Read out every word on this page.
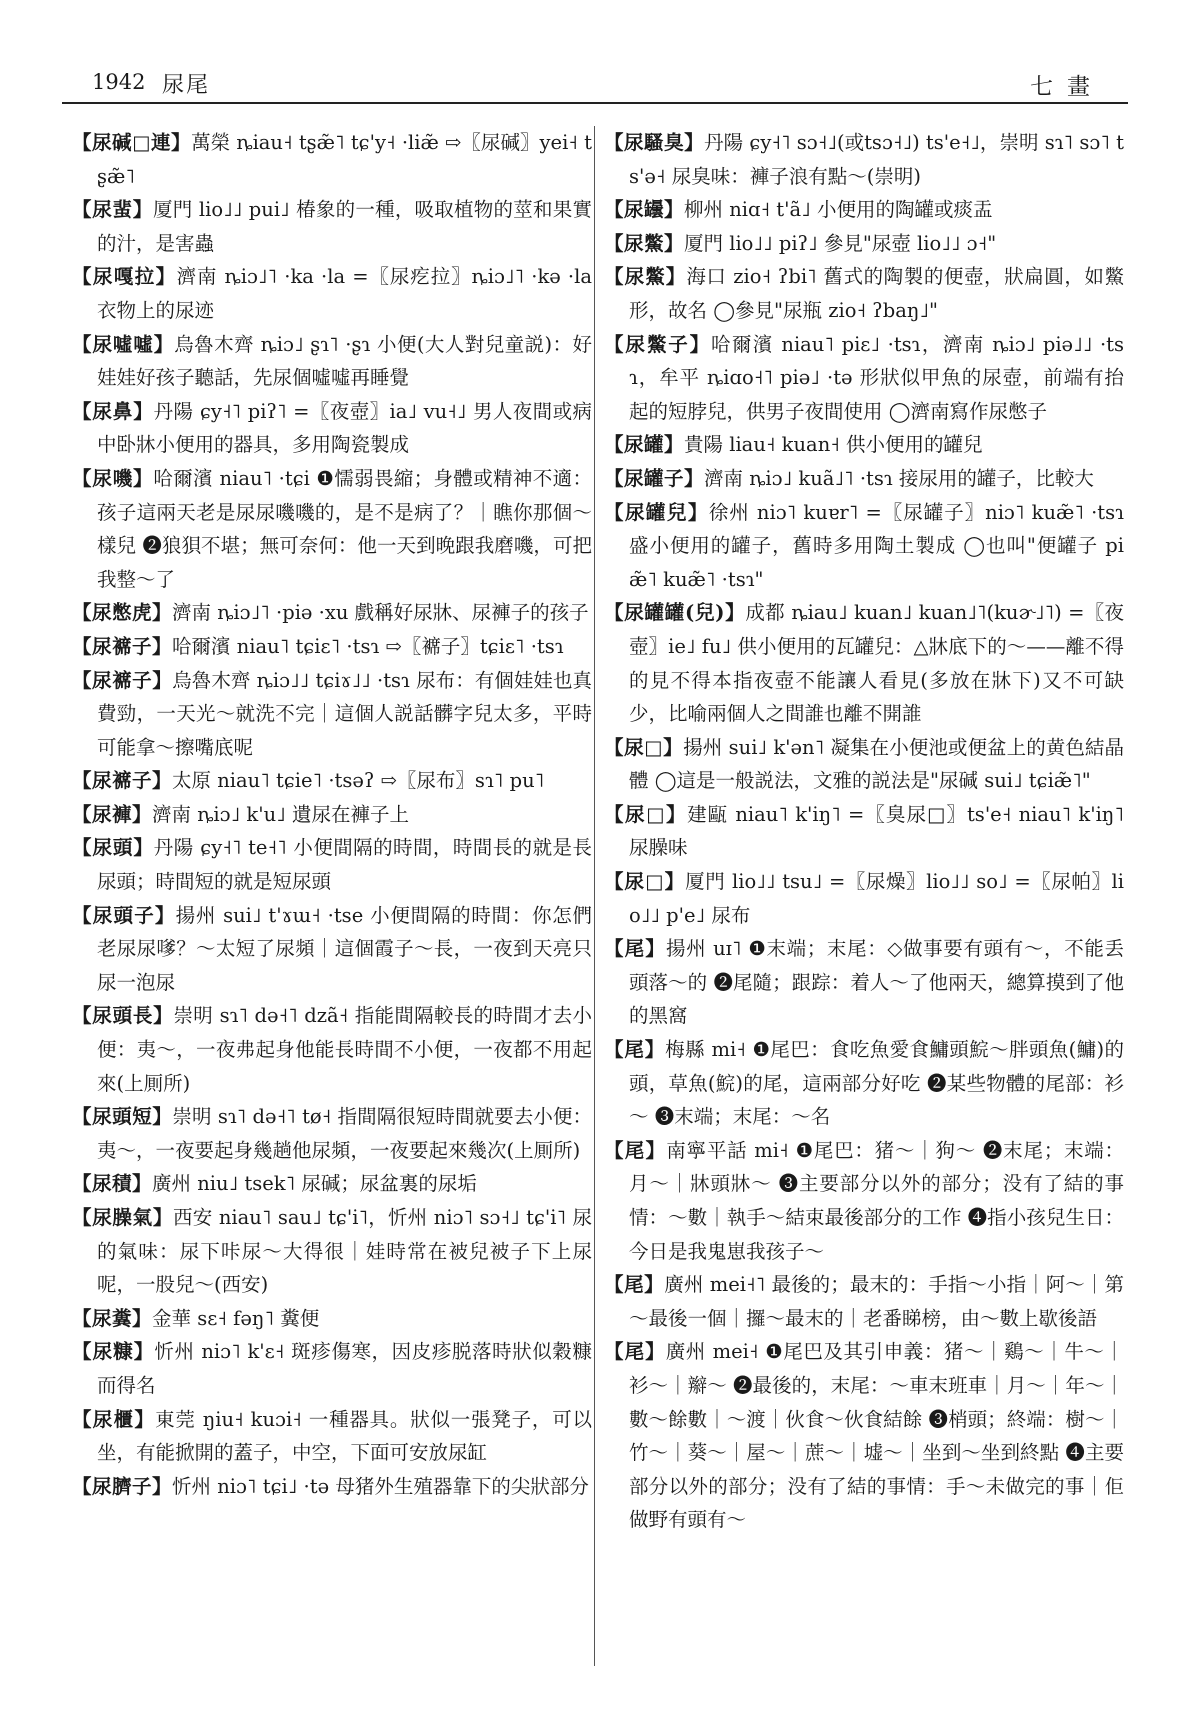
1942 尿尾	七畫

【尿碱□連】萬榮 ȵiau˧ tʂæ̃˥ tɕ'y˧ ·liæ̃ ⇨〖尿碱〗yei˧ tʂæ̃˥

【尿蜚】厦門 lio˩˩ pui˩ 椿象的一種，吸取植物的莖和果實的汁，是害蟲

【尿嘎拉】濟南 ȵiɔ˩˥ ·ka ·la =〖尿疙拉〗ȵiɔ˩˥ ·kə ·la 衣物上的尿迹

【尿噓噓】烏魯木齊 ȵiɔ˩ ʂɿ˥ ·ʂɿ 小便(大人對兒童説)：好娃娃好孩子聽話，先尿個噓噓再睡覺

【尿鼻】丹陽 ɕy˧˥ piʔ˥ =〖夜壺〗ia˩ vu˧˩ 男人夜間或病中卧牀小便用的器具，多用陶瓷製成

【尿嘰】哈爾濱 niau˥ ·tɕi ❶懦弱畏縮；身體或精神不適：孩子這兩天老是尿尿嘰嘰的，是不是病了？｜瞧你那個～樣兒 ❷狼狽不堪；無可奈何：他一天到晚跟我磨嘰，可把我整～了

【尿憋虎】濟南 ȵiɔ˩˥ ·piə ·xu 戲稱好尿牀、尿褲子的孩子

【尿褯子】哈爾濱 niau˥ tɕiɛ˥ ·tsɿ ⇨〖褯子〗tɕiɛ˥ ·tsɿ

【尿褯子】烏魯木齊 ȵiɔ˩˩ tɕiɤ˩˩ ·tsɿ 尿布：有個娃娃也真費勁，一天光～就洗不完｜這個人説話髒字兒太多，平時可能拿～擦嘴底呢

【尿褯子】太原 niau˥ tɕie˥ ·tsəʔ ⇨〖尿布〗sɿ˥ pu˥

【尿褲】濟南 ȵiɔ˩ k'u˩ 遺尿在褲子上

【尿頭】丹陽 ɕy˧˥ te˧˥ 小便間隔的時間，時間長的就是長尿頭；時間短的就是短尿頭

【尿頭子】揚州 sui˩ t'ɤɯ˧ ·tse 小便間隔的時間：你怎們老尿尿嗲？～太短了尿頻｜這個霞子～長，一夜到天亮只尿一泡尿

【尿頭長】崇明 sɿ˥ də˧˥ dzã˧ 指能間隔較長的時間才去小便：夷～，一夜弗起身他能長時間不小便，一夜都不用起來(上厠所)

【尿頭短】崇明 sɿ˥ də˧˥ tø˧ 指間隔很短時間就要去小便：夷～，一夜要起身幾趟他尿頻，一夜要起來幾次(上厠所)

【尿積】廣州 niu˩ tsek˥ 尿碱；尿盆裏的尿垢

【尿臊氣】西安 niau˥ sau˩ tɕ'i˥，忻州 niɔ˥ sɔ˧˩ tɕ'i˥ 尿的氣味：尿下咔尿～大得很｜娃時常在被兒被子下上尿呢，一股兒～(西安)

【尿糞】金華 sɛ˧ fəŋ˥ 糞便

【尿糠】忻州 niɔ˥ k'ɛ˧ 斑疹傷寒，因皮疹脱落時狀似穀糠而得名

【尿櫃】東莞 ŋiu˧ kuɔi˧ 一種器具。狀似一張凳子，可以坐，有能掀開的蓋子，中空，下面可安放尿缸

【尿臍子】忻州 niɔ˥ tɕi˩ ·tə 母猪外生殖器靠下的尖狀部分

【尿騷臭】丹陽 ɕy˧˥ sɔ˧˩(或tsɔ˧˩) ts'e˧˩，崇明 sɿ˥ sɔ˥ ts'ə˧ 尿臭味：褲子浪有點～(崇明)

【尿罎】柳州 niɑ˧ t'ã˩ 小便用的陶罐或痰盂

【尿鱉】厦門 lio˩˩ piʔ˩ 參見"尿壺 lio˩˩ ɔ˧"

【尿鱉】海口 zio˧ ʔbi˥ 舊式的陶製的便壺，狀扁圓，如鱉形，故名 ◯參見"尿瓶 zio˧ ʔbaŋ˩"

【尿鱉子】哈爾濱 niau˥ piɛ˩ ·tsɿ，濟南 ȵiɔ˩ piə˩˩ ·tsɿ，牟平 ȵiɑo˧˥ piə˩ ·tə 形狀似甲魚的尿壺，前端有抬起的短脖兒，供男子夜間使用 ◯濟南寫作尿憋子

【尿罐】貴陽 liau˧ kuan˧ 供小便用的罐兒

【尿罐子】濟南 ȵiɔ˩ kuã˩˥ ·tsɿ 接尿用的罐子，比較大

【尿罐兒】徐州 niɔ˥ kuɐr˥ =〖尿罐子〗niɔ˥ kuæ̃˥ ·tsɿ 盛小便用的罐子，舊時多用陶土製成 ◯也叫"便罐子 piæ̃˥ kuæ̃˥ ·tsɿ"

【尿罐罐(兒)】成都 ȵiau˩ kuan˩ kuan˩˥(kuɚ˩˥) =〖夜壺〗ie˩ fu˩ 供小便用的瓦罐兒：△牀底下的～——離不得的見不得本指夜壺不能讓人看見(多放在牀下)又不可缺少，比喻兩個人之間誰也離不開誰

【尿□】揚州 sui˩ k'ən˥ 凝集在小便池或便盆上的黄色結晶體 ◯這是一般説法，文雅的説法是"尿碱 sui˩ tɕiæ̃˥"

【尿□】建甌 niau˥ k'iŋ˥ =〖臭尿□〗ts'e˧ niau˥ k'iŋ˥ 尿臊味

【尿□】厦門 lio˩˩ tsu˩ =〖尿燥〗lio˩˩ so˩ =〖尿帕〗lio˩˩ p'e˩ 尿布

【尾】揚州 uɪ˥ ❶末端；末尾：◇做事要有頭有～，不能丢頭落～的 ❷尾隨；跟踪：着人～了他兩天，總算摸到了他的黑窩

【尾】梅縣 mi˧ ❶尾巴：食吃魚愛食鱅頭鯇～胖頭魚(鱅)的頭，草魚(鯇)的尾，這兩部分好吃 ❷某些物體的尾部：衫～ ❸末端；末尾：～名

【尾】南寧平話 mi˧ ❶尾巴：猪～｜狗～ ❷末尾；末端：月～｜牀頭牀～ ❸主要部分以外的部分；没有了結的事情：～數｜執手～結束最後部分的工作 ❹指小孩兒生日：今日是我鬼崽我孩子～

【尾】廣州 mei˧˥ 最後的；最末的：手指～小指｜阿～｜第～最後一個｜攞～最末的｜老番睇榜，由～數上歇後語

【尾】廣州 mei˧ ❶尾巴及其引申義：猪～｜鷄～｜牛～｜衫～｜辮～ ❷最後的，末尾：～車末班車｜月～｜年～｜數～餘數｜～渡｜伙食～伙食結餘 ❸梢頭；終端：樹～｜竹～｜葵～｜屋～｜蔗～｜墟～｜坐到～坐到終點 ❹主要部分以外的部分；没有了結的事情：手～未做完的事｜佢做野有頭有～
